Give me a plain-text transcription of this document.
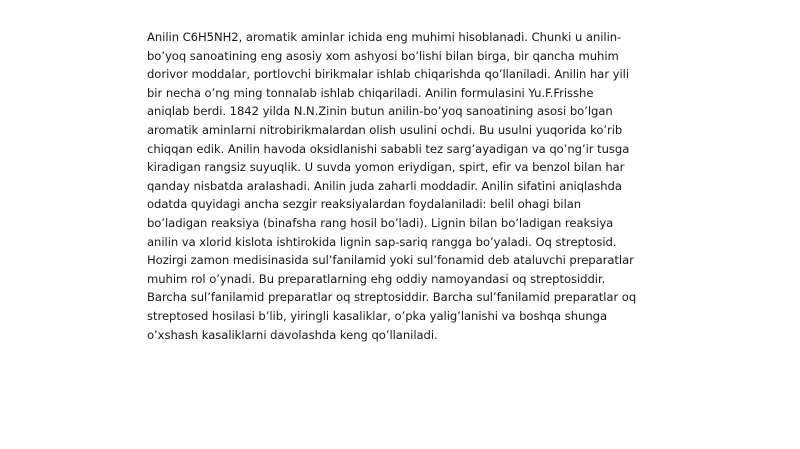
Anilin C6H5NH2, aromatik aminlar ichida eng muhimi hisoblanadi. Chunki u anilin-
bo’yoq sanoatining eng asosiy xom ashyosi bo’lishi bilan birga, bir qancha muhim
dorivor moddalar, portlovchi birikmalar ishlab chiqarishda qo’llaniladi. Anilin har yili
bir necha o’ng ming tonnalab ishlab chiqariladi. Anilin formulasini Yu.F.Frisshe
aniqlab berdi. 1842 yilda N.N.Zinin butun anilin-bo’yoq sanoatining asosi bo’lgan
aromatik aminlarni nitrobirikmalardan olish usulini ochdi. Bu usulni yuqorida ko’rib
chiqqan edik. Anilin havoda oksidlanishi sababli tez sarg’ayadigan va qo’ng’ir tusga
kiradigan rangsiz suyuqlik. U suvda yomon eriydigan, spirt, efir va benzol bilan har
qanday nisbatda aralashadi. Anilin juda zaharli moddadir. Anilin sifatini aniqlashda
odatda quyidagi ancha sezgir reaksiyalardan foydalaniladi: belil ohagi bilan
bo’ladigan reaksiya (binafsha rang hosil bo’ladi). Lignin bilan bo’ladigan reaksiya
anilin va xlorid kislota ishtirokida lignin sap-sariq rangga bo’yaladi. Oq streptosid.
Hozirgi zamon medisinasida sul’fanilamid yoki sul’fonamid deb ataluvchi preparatlar
muhim rol o’ynadi. Bu preparatlarning ehg oddiy namoyandasi oq streptosiddir.
Barcha sul’fanilamid preparatlar oq streptosiddir. Barcha sul’fanilamid preparatlar oq
streptosed hosilasi b’lib, yiringli kasaliklar, o’pka yalig’lanishi va boshqa shunga
o’xshash kasaliklarni davolashda keng qo’llaniladi.
